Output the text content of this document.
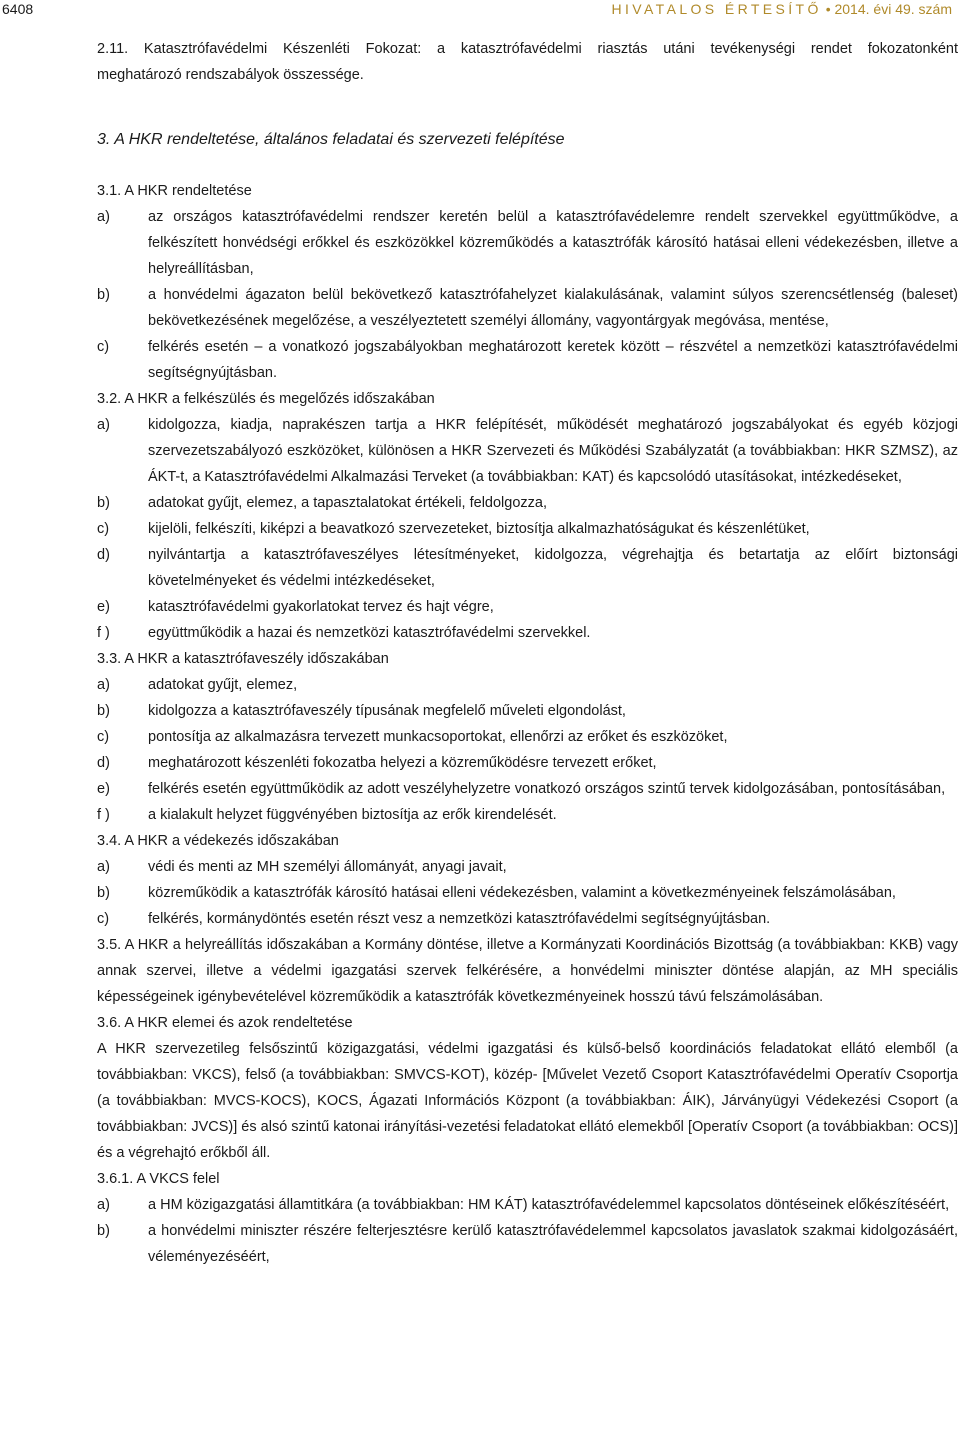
6408	HIVATALOS ÉRTESÍTŐ • 2014. évi 49. szám

2.11. Katasztrófavédelmi Készenléti Fokozat: a katasztrófavédelmi riasztás utáni tevékenységi rendet fokozatonként

meghatározó rendszabályok összessége.

3. A HKR rendeltetése, általános feladatai és szervezeti felépítése

3.1. A HKR rendeltetése

a)	az országos katasztrófavédelmi rendszer keretén belül a katasztrófavédelemre rendelt szervekkel együttműködve, a felkészített honvédségi erőkkel és eszközökkel közreműködés a katasztrófák károsító hatásai elleni védekezésben, illetve a helyreállításban,
b)	a honvédelmi ágazaton belül bekövetkező katasztrófahelyzet kialakulásának, valamint súlyos szerencsétlenség (baleset) bekövetkezésének megelőzése, a veszélyeztetett személyi állomány, vagyontárgyak megóvása, mentése,
c)	felkérés esetén – a vonatkozó jogszabályokban meghatározott keretek között – részvétel a nemzetközi katasztrófavédelmi segítségnyújtásban.

3.2. A HKR a felkészülés és megelőzés időszakában

a)	kidolgozza, kiadja, naprakészen tartja a HKR felépítését, működését meghatározó jogszabályokat és egyéb közjogi szervezetszabályozó eszközöket, különösen a HKR Szervezeti és Működési Szabályzatát (a továbbiakban: HKR SZMSZ), az ÁKT-t, a Katasztrófavédelmi Alkalmazási Terveket (a továbbiakban: KAT) és kapcsolódó utasításokat, intézkedéseket,
b)	adatokat gyűjt, elemez, a tapasztalatokat értékeli, feldolgozza,
c)	kijelöli, felkészíti, kiképzi a beavatkozó szervezeteket, biztosítja alkalmazhatóságukat és készenlétüket,
d)	nyilvántartja a katasztrófaveszélyes létesítményeket, kidolgozza, végrehajtja és betartatja az előírt biztonsági követelményeket és védelmi intézkedéseket,
e)	katasztrófavédelmi gyakorlatokat tervez és hajt végre,
f )	együttműködik a hazai és nemzetközi katasztrófavédelmi szervekkel.

3.3. A HKR a katasztrófaveszély időszakában

a)	adatokat gyűjt, elemez,
b)	kidolgozza a katasztrófaveszély típusának megfelelő műveleti elgondolást,
c)	pontosítja az alkalmazásra tervezett munkacsoportokat, ellenőrzi az erőket és eszközöket,
d)	meghatározott készenléti fokozatba helyezi a közreműködésre tervezett erőket,
e)	felkérés esetén együttműködik az adott veszélyhelyzetre vonatkozó országos szintű tervek kidolgozásában, pontosításában,
f )	a kialakult helyzet függvényében biztosítja az erők kirendelését.

3.4. A HKR a védekezés időszakában

a)	védi és menti az MH személyi állományát, anyagi javait,
b)	közreműködik a katasztrófák károsító hatásai elleni védekezésben, valamint a következményeinek felszámolásában,
c)	felkérés, kormánydöntés esetén részt vesz a nemzetközi katasztrófavédelmi segítségnyújtásban.

3.5. A HKR a helyreállítás időszakában a Kormány döntése, illetve a Kormányzati Koordinációs Bizottság (a továbbiakban: KKB) vagy annak szervei, illetve a védelmi igazgatási szervek felkérésére, a honvédelmi miniszter döntése alapján, az MH speciális képességeinek igénybevételével közreműködik a katasztrófák következményeinek hosszú távú felszámolásában.

3.6. A HKR elemei és azok rendeltetése

A HKR szervezetileg felsőszintű közigazgatási, védelmi igazgatási és külső-belső koordinációs feladatokat ellátó elemből (a továbbiakban: VKCS), felső (a továbbiakban: SMVCS-KOT), közép- [Művelet Vezető Csoport Katasztrófavédelmi Operatív Csoportja (a továbbiakban: MVCS-KOCS), KOCS, Ágazati Információs Központ (a továbbiakban: ÁIK), Járványügyi Védekezési Csoport (a továbbiakban: JVCS)] és alsó szintű katonai irányítási-vezetési feladatokat ellátó elemekből [Operatív Csoport (a továbbiakban: OCS)] és a végrehajtó erőkből áll.

3.6.1. A VKCS felel

a)	a HM közigazgatási államtitkára (a továbbiakban: HM KÁT) katasztrófavédelemmel kapcsolatos döntéseinek előkészítéséért,
b)	a honvédelmi miniszter részére felterjesztésre kerülő katasztrófavédelemmel kapcsolatos javaslatok szakmai kidolgozásáért, véleményezéséért,
